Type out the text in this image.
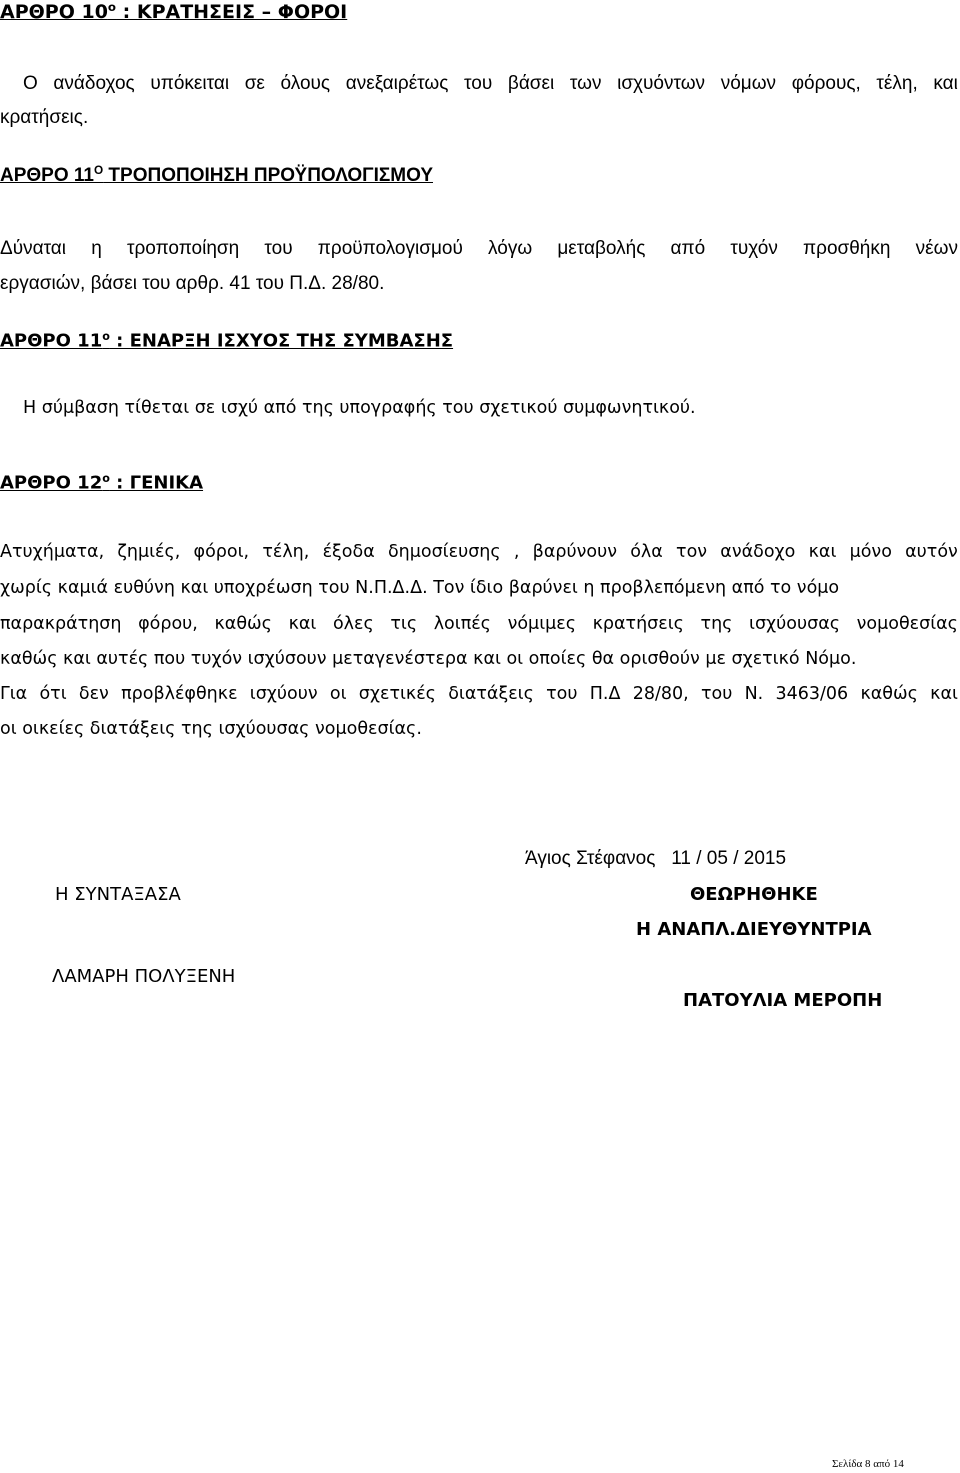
ΑΡΘΡΟ $10^o$ : ΚΡΑΤΗΣΕΙΣ – ΦΟΡΟΙ
Ο ανάδοχος υπόκειται σε όλους ανεξαιρέτως του βάσει των ισχυόντων νόμων φόρους, τέλη, και
κρατήσεις.
ΑΡΘΡΟ $11^O$ ΤΡΟΠΟΠΟΙΗΣΗ ΠΡΟΫΠΟΛΟΓΙΣΜΟΥ
Δύναται η τροποποίηση του προϋπολογισμού λόγω μεταβολής από τυχόν προσθήκη νέων
εργασιών, βάσει του αρθρ. 41 του Π.Δ. 28/80.
ΑΡΘΡΟ $11^o$ : ΕΝΑΡΞΗ ΙΣΧΥΟΣ ΤΗΣ ΣΥΜΒΑΣΗΣ
Η σύμβαση τίθεται σε ισχύ από της υπογραφής του σχετικού συμφωνητικού.
ΑΡΘΡΟ $12^o$ : ΓΕΝΙΚΑ
Ατυχήματα, ζημιές, φόροι, τέλη, έξοδα δημοσίευσης , βαρύνουν όλα τον ανάδοχο και μόνο αυτόν
χωρίς καμιά ευθύνη και υποχρέωση του Ν.Π.Δ.Δ. Τον ίδιο βαρύνει η προβλεπόμενη από το νόμο
παρακράτηση φόρου, καθώς και όλες τις λοιπές νόμιμες κρατήσεις της ισχύουσας νομοθεσίας
καθώς και αυτές που τυχόν ισχύσουν μεταγενέστερα και οι οποίες θα ορισθούν με σχετικό Νόμο.
Για ότι δεν προβλέφθηκε ισχύουν οι σχετικές διατάξεις του Π.Δ 28/80, του Ν. 3463/06 καθώς και
οι οικείες διατάξεις της ισχύουσας νομοθεσίας.
Άγιος Στέφανος   11 / 05 / 2015
Η ΣΥΝΤΑΞΑΣΑ	ΘΕΩΡΗΘΗΚΕ
Η ΑΝΑΠΛ.ΔΙΕΥΘΥΝΤΡΙΑ
ΛΑΜΑΡΗ ΠΟΛΥΞΕΝΗ
ΠΑΤΟΥΛΙΑ ΜΕΡΟΠΗ
Σελίδα 8 από 14
